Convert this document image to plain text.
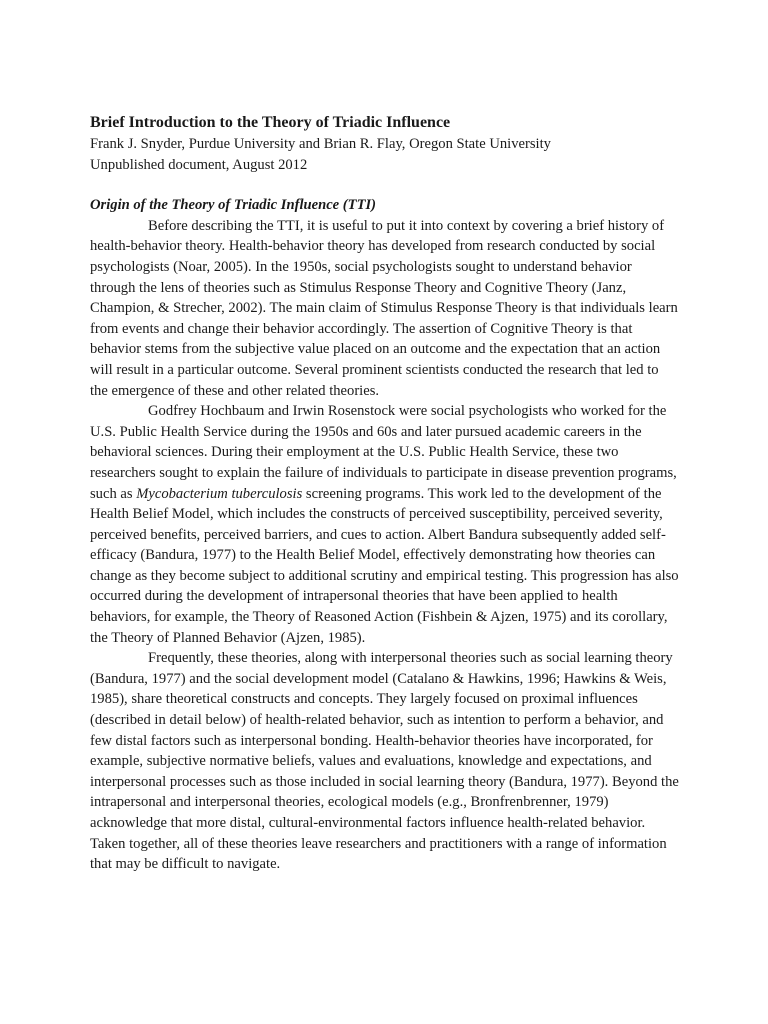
Brief Introduction to the Theory of Triadic Influence

Frank J. Snyder, Purdue University and Brian R. Flay, Oregon State University

Unpublished document, August 2012

Origin of the Theory of Triadic Influence (TTI)

Before describing the TTI, it is useful to put it into context by covering a brief history of health-behavior theory. Health-behavior theory has developed from research conducted by social psychologists (Noar, 2005). In the 1950s, social psychologists sought to understand behavior through the lens of theories such as Stimulus Response Theory and Cognitive Theory (Janz, Champion, & Strecher, 2002). The main claim of Stimulus Response Theory is that individuals learn from events and change their behavior accordingly. The assertion of Cognitive Theory is that behavior stems from the subjective value placed on an outcome and the expectation that an action will result in a particular outcome. Several prominent scientists conducted the research that led to the emergence of these and other related theories.

Godfrey Hochbaum and Irwin Rosenstock were social psychologists who worked for the U.S. Public Health Service during the 1950s and 60s and later pursued academic careers in the behavioral sciences. During their employment at the U.S. Public Health Service, these two researchers sought to explain the failure of individuals to participate in disease prevention programs, such as Mycobacterium tuberculosis screening programs. This work led to the development of the Health Belief Model, which includes the constructs of perceived susceptibility, perceived severity, perceived benefits, perceived barriers, and cues to action. Albert Bandura subsequently added self-efficacy (Bandura, 1977) to the Health Belief Model, effectively demonstrating how theories can change as they become subject to additional scrutiny and empirical testing. This progression has also occurred during the development of intrapersonal theories that have been applied to health behaviors, for example, the Theory of Reasoned Action (Fishbein & Ajzen, 1975) and its corollary, the Theory of Planned Behavior (Ajzen, 1985).

Frequently, these theories, along with interpersonal theories such as social learning theory (Bandura, 1977) and the social development model (Catalano & Hawkins, 1996; Hawkins & Weis, 1985), share theoretical constructs and concepts. They largely focused on proximal influences (described in detail below) of health-related behavior, such as intention to perform a behavior, and few distal factors such as interpersonal bonding. Health-behavior theories have incorporated, for example, subjective normative beliefs, values and evaluations, knowledge and expectations, and interpersonal processes such as those included in social learning theory (Bandura, 1977). Beyond the intrapersonal and interpersonal theories, ecological models (e.g., Bronfrenbrenner, 1979) acknowledge that more distal, cultural-environmental factors influence health-related behavior. Taken together, all of these theories leave researchers and practitioners with a range of information that may be difficult to navigate.
